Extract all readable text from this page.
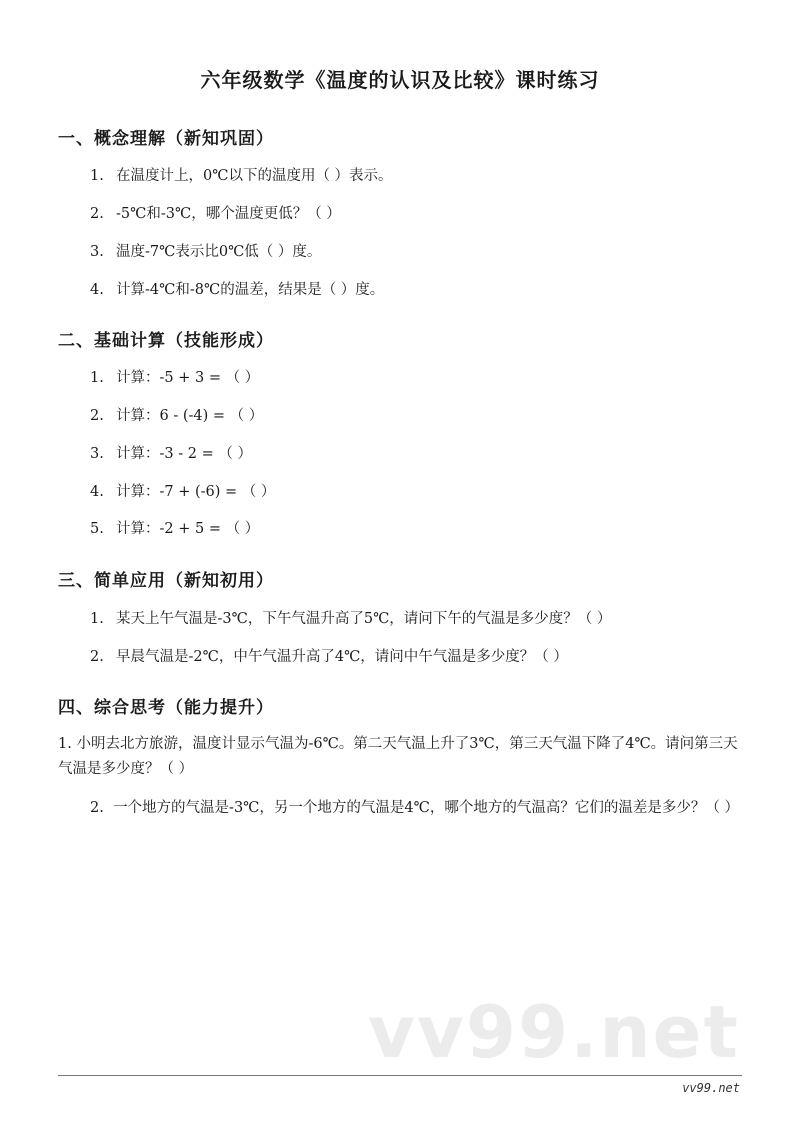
六年级数学《温度的认识及比较》课时练习
一、概念理解（新知巩固）
1. 在温度计上，0℃以下的温度用（ ）表示。
2. -5℃和-3℃，哪个温度更低？（ ）
3. 温度-7℃表示比0℃低（ ）度。
4. 计算-4℃和-8℃的温差，结果是（ ）度。
二、基础计算（技能形成）
1. 计算：-5 + 3 = （ ）
2. 计算：6 - (-4) = （ ）
3. 计算：-3 - 2 = （ ）
4. 计算：-7 + (-6) = （ ）
5. 计算：-2 + 5 = （ ）
三、简单应用（新知初用）
1. 某天上午气温是-3℃，下午气温升高了5℃，请问下午的气温是多少度？（ ）
2. 早晨气温是-2℃，中午气温升高了4℃，请问中午气温是多少度？（ ）
四、综合思考（能力提升）
1. 小明去北方旅游，温度计显示气温为-6℃。第二天气温上升了3℃，第三天气温下降了4℃。请问第三天气温是多少度？（ ）
2. 一个地方的气温是-3℃，另一个地方的气温是4℃，哪个地方的气温高？它们的温差是多少？（ ）
vv99.net
vv99.net
